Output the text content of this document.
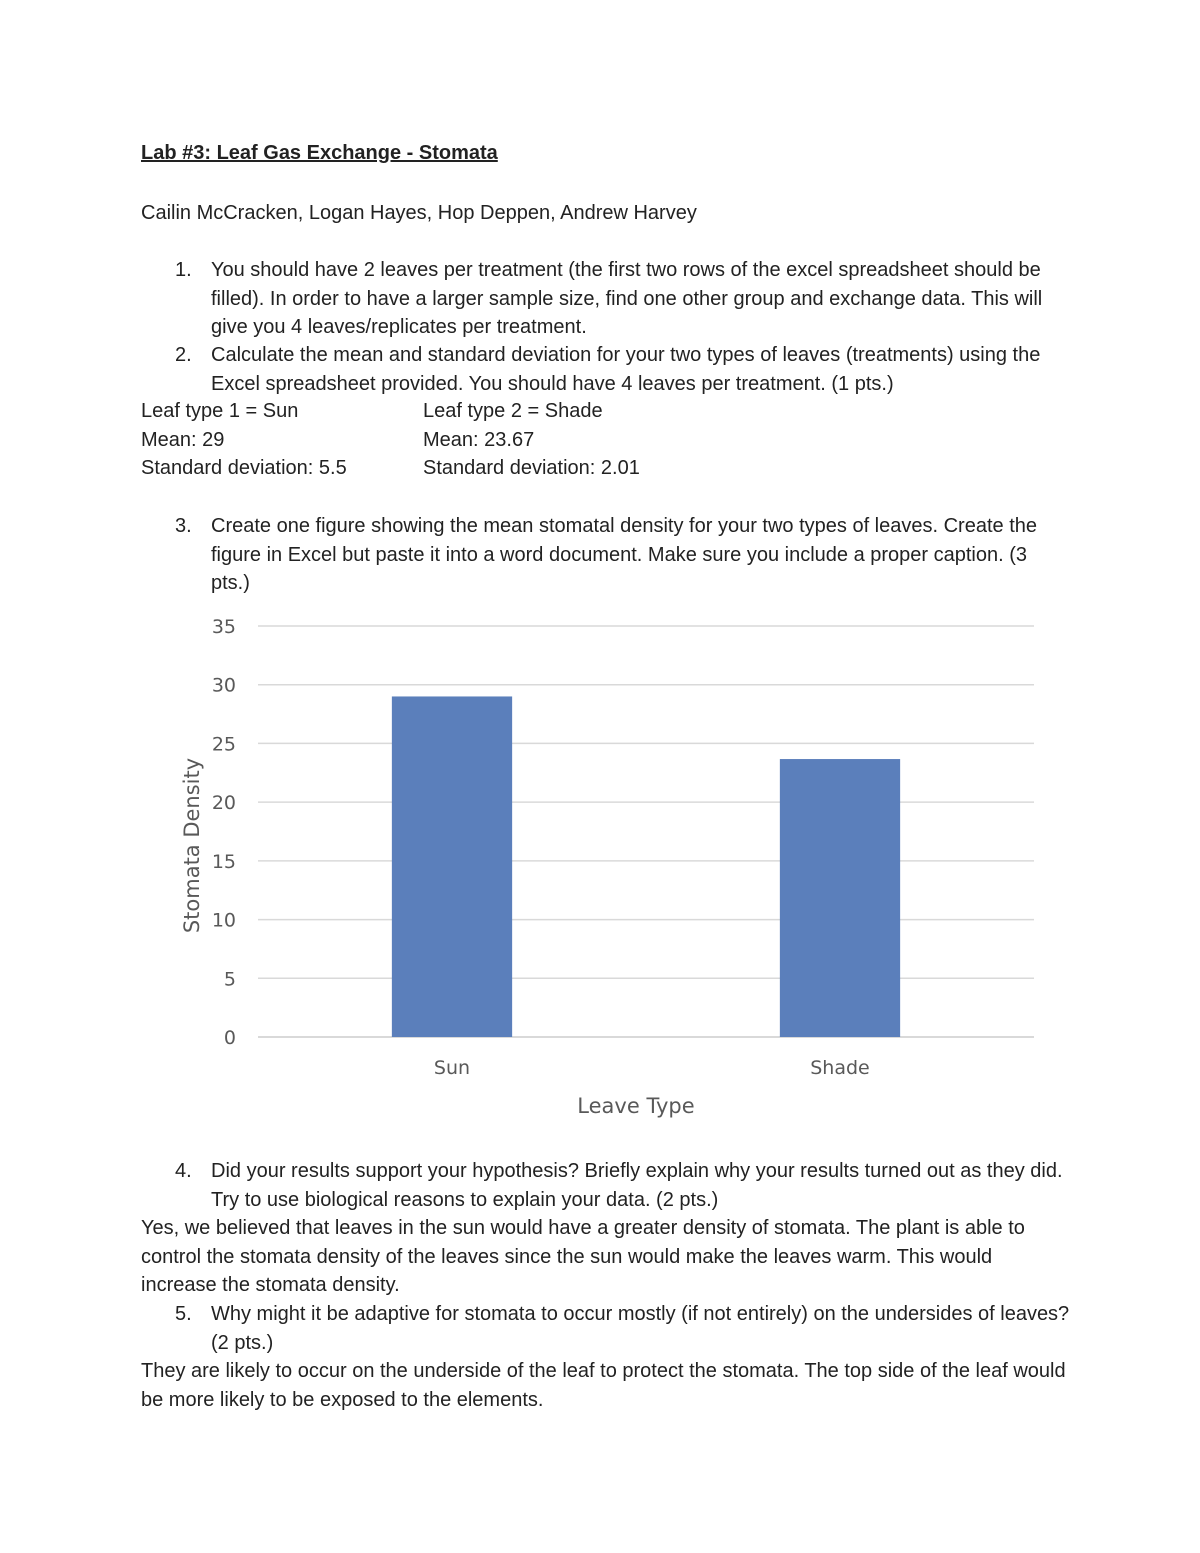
Lab #3: Leaf Gas Exchange - Stomata
Cailin McCracken, Logan Hayes, Hop Deppen, Andrew Harvey
1. You should have 2 leaves per treatment (the first two rows of the excel spreadsheet should be filled). In order to have a larger sample size, find one other group and exchange data. This will give you 4 leaves/replicates per treatment.
2. Calculate the mean and standard deviation for your two types of leaves (treatments) using the Excel spreadsheet provided. You should have 4 leaves per treatment. (1 pts.)
Leaf type 1 = Sun
Mean: 29
Standard deviation: 5.5
Leaf type 2 = Shade
Mean: 23.67
Standard deviation: 2.01
3. Create one figure showing the mean stomatal density for your two types of leaves. Create the figure in Excel but paste it into a word document. Make sure you include a proper caption. (3 pts.)
0
5
10
15
20
25
30
35
Sun	Shade
Stomata Density
Leave Type
4. Did your results support your hypothesis? Briefly explain why your results turned out as they did. Try to use biological reasons to explain your data. (2 pts.)
Yes, we believed that leaves in the sun would have a greater density of stomata. The plant is able to control the stomata density of the leaves since the sun would make the leaves warm. This would increase the stomata density.
5. Why might it be adaptive for stomata to occur mostly (if not entirely) on the undersides of leaves? (2 pts.)
They are likely to occur on the underside of the leaf to protect the stomata. The top side of the leaf would be more likely to be exposed to the elements.
